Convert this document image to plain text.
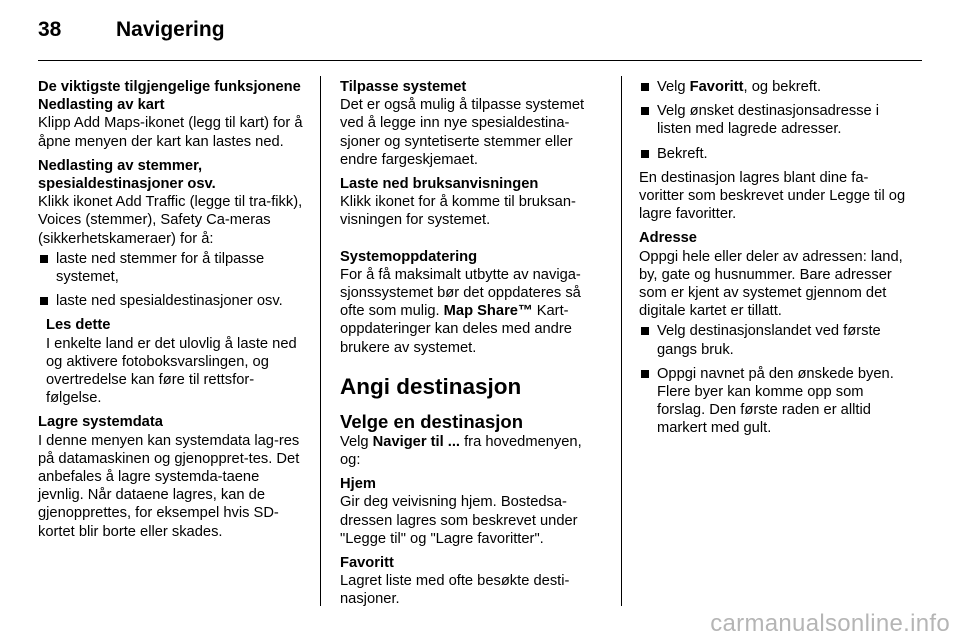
38	Navigering

De viktigste tilgjengelige funksjonene

Nedlasting av kart

Klipp Add Maps-ikonet (legg til kart) for å åpne menyen der kart kan lastes ned.

Nedlasting av stemmer, spesialdestinasjoner osv.

Klikk ikonet Add Traffic (legge til tra-fikk), Voices (stemmer), Safety Ca-meras (sikkerhetskameraer) for å:

laste ned stemmer for å tilpasse systemet,
laste ned spesialdestinasjoner osv.

Les dette

I enkelte land er det ulovlig å laste ned og aktivere fotoboksvarslingen, og overtredelse kan føre til rettsfor-følgelse.

Lagre systemdata

I denne menyen kan systemdata lag-res på datamaskinen og gjenoppret-tes. Det anbefales å lagre systemda-taene jevnlig. Når dataene lagres, kan de gjenopprettes, for eksempel hvis SD-kortet blir borte eller skades.

Tilpasse systemet

Det er også mulig å tilpasse systemet ved å legge inn nye spesialdestina-sjoner og syntetiserte stemmer eller endre fargeskjemaet.

Laste ned bruksanvisningen

Klikk ikonet for å komme til bruksan-visningen for systemet.

Systemoppdatering

For å få maksimalt utbytte av naviga-sjonssystemet bør det oppdateres så ofte som mulig. Map Share™ Kart-oppdateringer kan deles med andre brukere av systemet.

Angi destinasjon
Velge en destinasjon

Velg Naviger til ... fra hovedmenyen, og:

Hjem

Gir deg veivisning hjem. Bostedsa-dressen lagres som beskrevet under "Legge til" og "Lagre favoritter".

Favoritt

Lagret liste med ofte besøkte desti-nasjoner.

Velg Favoritt, og bekreft.
Velg ønsket destinasjonsadresse i listen med lagrede adresser.
Bekreft.

En destinasjon lagres blant dine fa-voritter som beskrevet under Legge til og lagre favoritter.

Adresse

Oppgi hele eller deler av adressen: land, by, gate og husnummer. Bare adresser som er kjent av systemet gjennom det digitale kartet er tillatt.

Velg destinasjonslandet ved første gangs bruk.
Oppgi navnet på den ønskede byen. Flere byer kan komme opp som forslag. Den første raden er alltid markert med gult.
carmanualsonline.info
